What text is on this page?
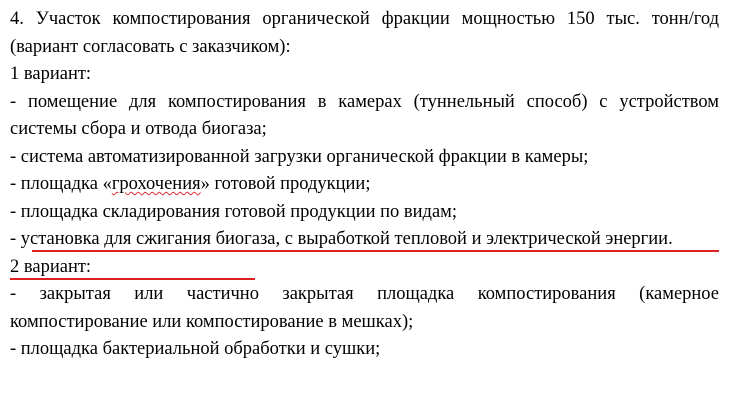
4. Участок компостирования органической фракции мощностью 150 тыс. тонн/год (вариант согласовать с заказчиком):

1 вариант:

- помещение для компостирования в камерах (туннельный способ) с устройством системы сбора и отвода биогаза;

- система автоматизированной загрузки органической фракции в камеры;

- площадка «грохочения» готовой продукции;

- площадка складирования готовой продукции по видам;

- установка для сжигания биогаза, с выработкой тепловой и электрической энергии.

2 вариант:

- закрытая или частично закрытая площадка компостирования (камерное компостирование или компостирование в мешках);

- площадка бактериальной обработки и сушки;
